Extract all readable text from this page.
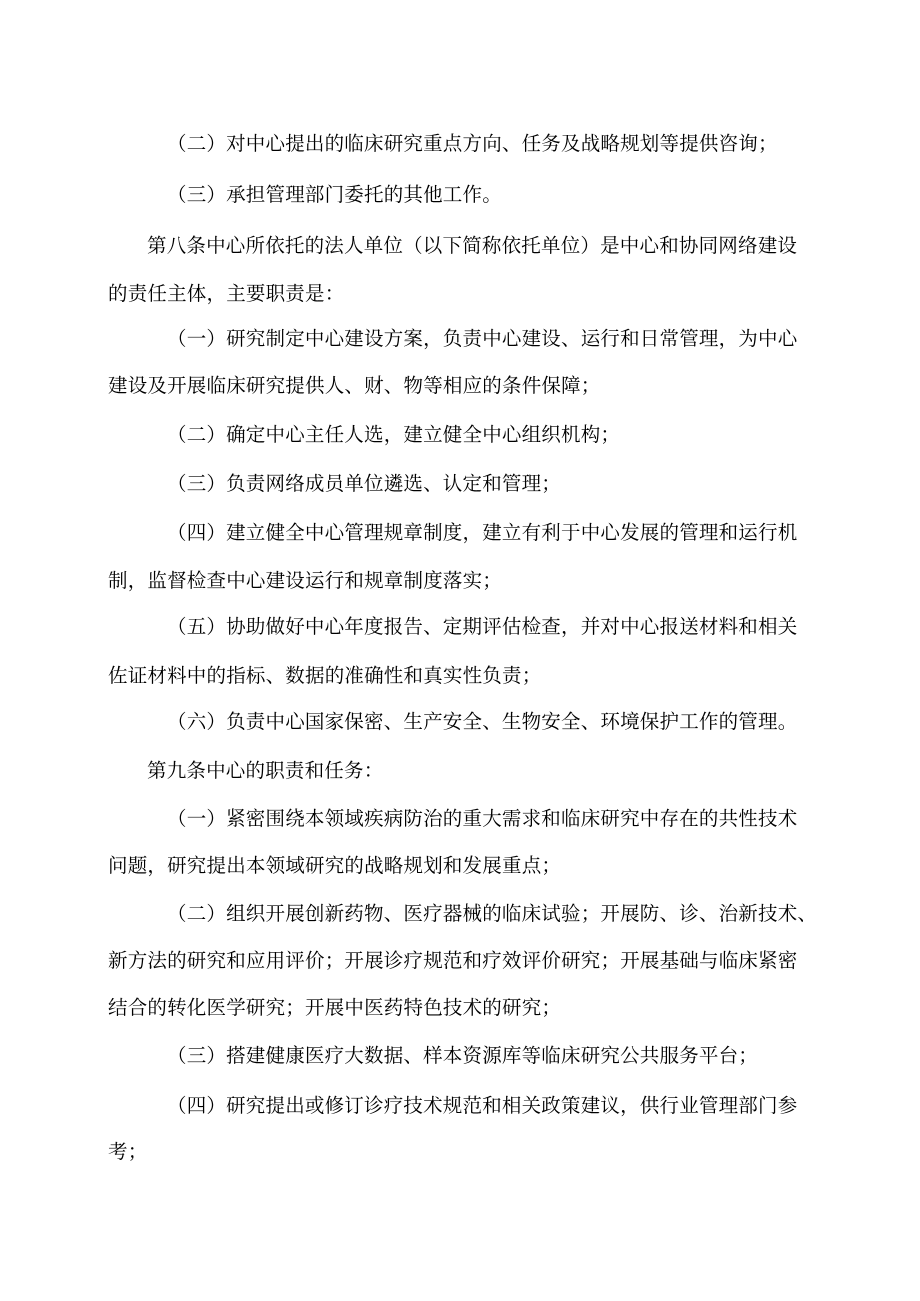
（二）对中心提出的临床研究重点方向、任务及战略规划等提供咨询；
（三）承担管理部门委托的其他工作。
第八条中心所依托的法人单位（以下简称依托单位）是中心和协同网络建设
的责任主体，主要职责是：
（一）研究制定中心建设方案，负责中心建设、运行和日常管理，为中心
建设及开展临床研究提供人、财、物等相应的条件保障；
（二）确定中心主任人选，建立健全中心组织机构；
（三）负责网络成员单位遴选、认定和管理；
（四）建立健全中心管理规章制度，建立有利于中心发展的管理和运行机
制，监督检查中心建设运行和规章制度落实；
（五）协助做好中心年度报告、定期评估检查，并对中心报送材料和相关
佐证材料中的指标、数据的准确性和真实性负责；
（六）负责中心国家保密、生产安全、生物安全、环境保护工作的管理。
第九条中心的职责和任务：
（一）紧密围绕本领域疾病防治的重大需求和临床研究中存在的共性技术
问题，研究提出本领域研究的战略规划和发展重点；
（二）组织开展创新药物、医疗器械的临床试验；开展防、诊、治新技术、
新方法的研究和应用评价；开展诊疗规范和疗效评价研究；开展基础与临床紧密
结合的转化医学研究；开展中医药特色技术的研究；
（三）搭建健康医疗大数据、样本资源库等临床研究公共服务平台；
（四）研究提出或修订诊疗技术规范和相关政策建议，供行业管理部门参
考；
